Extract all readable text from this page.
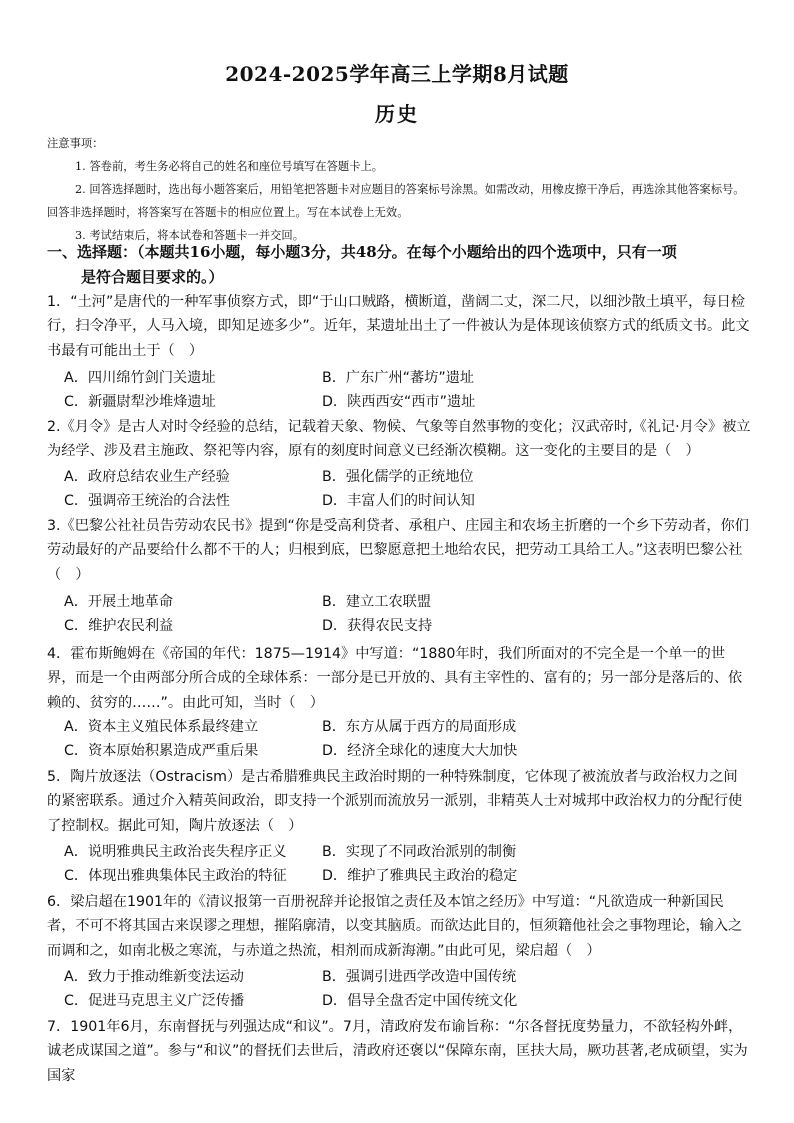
2024-2025学年高三上学期8月试题
历史
注意事项：
1. 答卷前，考生务必将自己的姓名和座位号填写在答题卡上。
2. 回答选择题时，选出每小题答案后，用铅笔把答题卡对应题目的答案标号涂黑。如需改动，用橡皮擦干净后，再选涂其他答案标号。回答非选择题时，将答案写在答题卡的相应位置上。写在本试卷上无效。
3. 考试结束后，将本试卷和答题卡一并交回。
一、选择题：（本题共16小题，每小题3分，共48分。在每个小题给出的四个选项中，只有一项
是符合题目要求的。）
1．“土河”是唐代的一种军事侦察方式，即“于山口贼路，横断道，凿阔二丈，深二尺，以细沙散土填平，每日检行，扫令净平，人马入境，即知足迹多少”。近年，某遗址出土了一件被认为是体现该侦察方式的纸质文书。此文书最有可能出土于（　）
A．四川绵竹剑门关遗址	B．广东广州“蕃坊”遗址
C．新疆尉犁沙堆烽遗址	D．陕西西安“西市”遗址
2.《月令》是古人对时令经验的总结，记载着天象、物候、气象等自然事物的变化；汉武帝时,《礼记·月令》被立为经学、涉及君主施政、祭祀等内容，原有的刻度时间意义已经渐次模糊。这一变化的主要目的是（　）
A．政府总结农业生产经验	B．强化儒学的正统地位
C．强调帝王统治的合法性	D．丰富人们的时间认知
3.《巴黎公社社员告劳动农民书》提到“你是受高利贷者、承租户、庄园主和农场主折磨的一个乡下劳动者，你们劳动最好的产品要给什么都不干的人；归根到底，巴黎愿意把土地给农民，把劳动工具给工人。”这表明巴黎公社（　）
A．开展土地革命	B．建立工农联盟
C．维护农民利益	D．获得农民支持
4．霍布斯鲍姆在《帝国的年代：1875—1914》中写道：“1880年时，我们所面对的不完全是一个单一的世界，而是一个由两部分所合成的全球体系：一部分是已开放的、具有主宰性的、富有的；另一部分是落后的、依赖的、贫穷的……”。由此可知，当时（　）
A．资本主义殖民体系最终建立	B．东方从属于西方的局面形成
C．资本原始积累造成严重后果	D．经济全球化的速度大大加快
5．陶片放逐法（Ostracism）是古希腊雅典民主政治时期的一种特殊制度，它体现了被流放者与政治权力之间的紧密联系。通过介入精英间政治，即支持一个派别而流放另一派别，非精英人士对城邦中政治权力的分配行使了控制权。据此可知，陶片放逐法（　）
A．说明雅典民主政治丧失程序正义	B．实现了不同政治派别的制衡
C．体现出雅典集体民主政治的特征	D．维护了雅典民主政治的稳定
6．梁启超在1901年的《清议报第一百册祝辞并论报馆之责任及本馆之经历》中写道：“凡欲造成一种新国民者，不可不将其国古来误谬之理想，摧陷廓清，以变其脑质。而欲达此目的，恒须籍他社会之事物理论，输入之而调和之，如南北极之寒流，与赤道之热流，相剂而成新海潮。”由此可见，梁启超（　）
A．致力于推动维新变法运动	B．强调引进西学改造中国传统
C．促进马克思主义广泛传播	D．倡导全盘否定中国传统文化
7．1901年6月，东南督抚与列强达成“和议”。7月，清政府发布谕旨称：“尔各督抚度势量力，不欲轻构外衅，诚老成谋国之道”。参与“和议”的督抚们去世后，清政府还褒以“保障东南，匡扶大局，厥功甚著,老成硕望，实为国家
